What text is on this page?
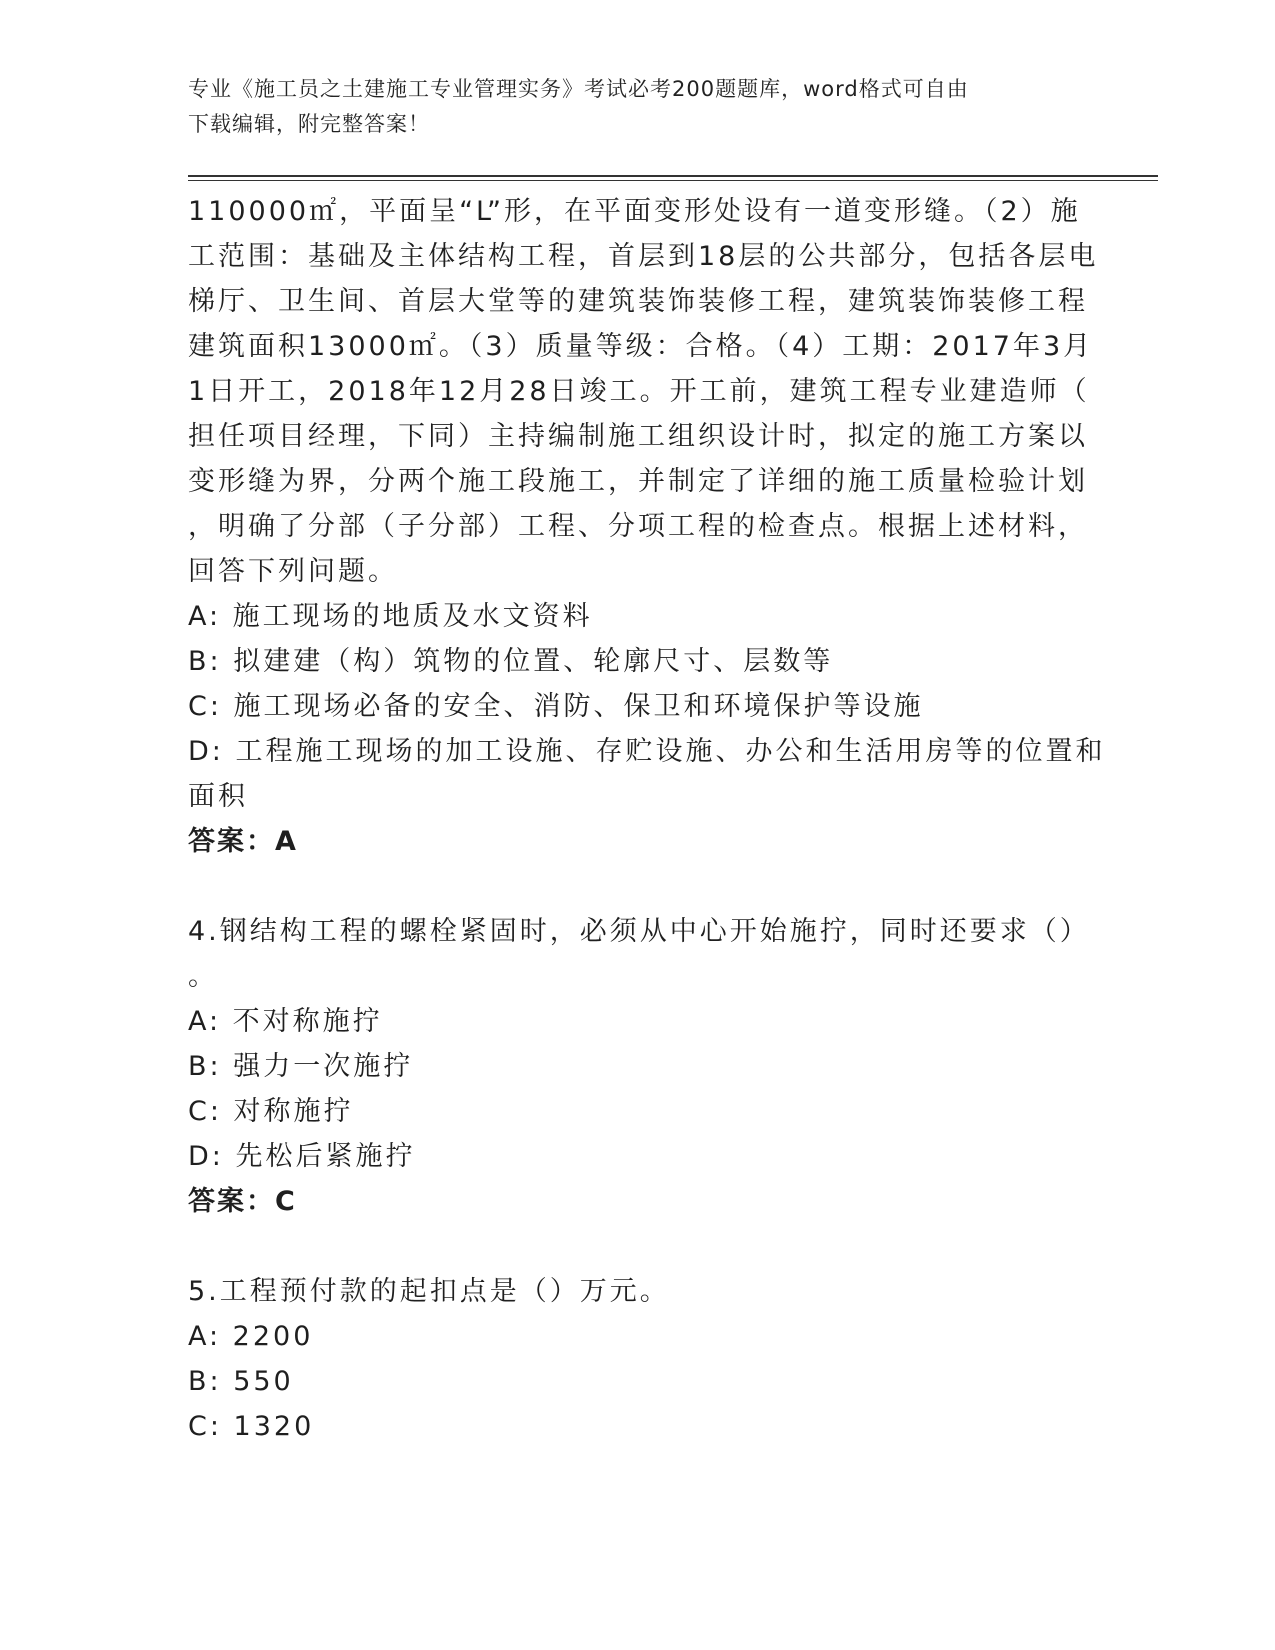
专业《施工员之土建施工专业管理实务》考试必考200题题库，word格式可自由
下载编辑，附完整答案！
110000㎡，平面呈“L”形，在平面变形处设有一道变形缝。（2）施
工范围：基础及主体结构工程，首层到18层的公共部分，包括各层电
梯厅、卫生间、首层大堂等的建筑装饰装修工程，建筑装饰装修工程
建筑面积13000㎡。（3）质量等级：合格。（4）工期：2017年3月
1日开工，2018年12月28日竣工。开工前，建筑工程专业建造师（
担任项目经理，下同）主持编制施工组织设计时，拟定的施工方案以
变形缝为界，分两个施工段施工，并制定了详细的施工质量检验计划
，明确了分部（子分部）工程、分项工程的检查点。根据上述材料，
回答下列问题。
A: 施工现场的地质及水文资料
B: 拟建建（构）筑物的位置、轮廓尺寸、层数等
C: 施工现场必备的安全、消防、保卫和环境保护等设施
D: 工程施工现场的加工设施、存贮设施、办公和生活用房等的位置和
面积
答案：A
4.钢结构工程的螺栓紧固时，必须从中心开始施拧，同时还要求（）
。
A: 不对称施拧
B: 强力一次施拧
C: 对称施拧
D: 先松后紧施拧
答案：C
5.工程预付款的起扣点是（）万元。
A: 2200
B: 550
C: 1320
